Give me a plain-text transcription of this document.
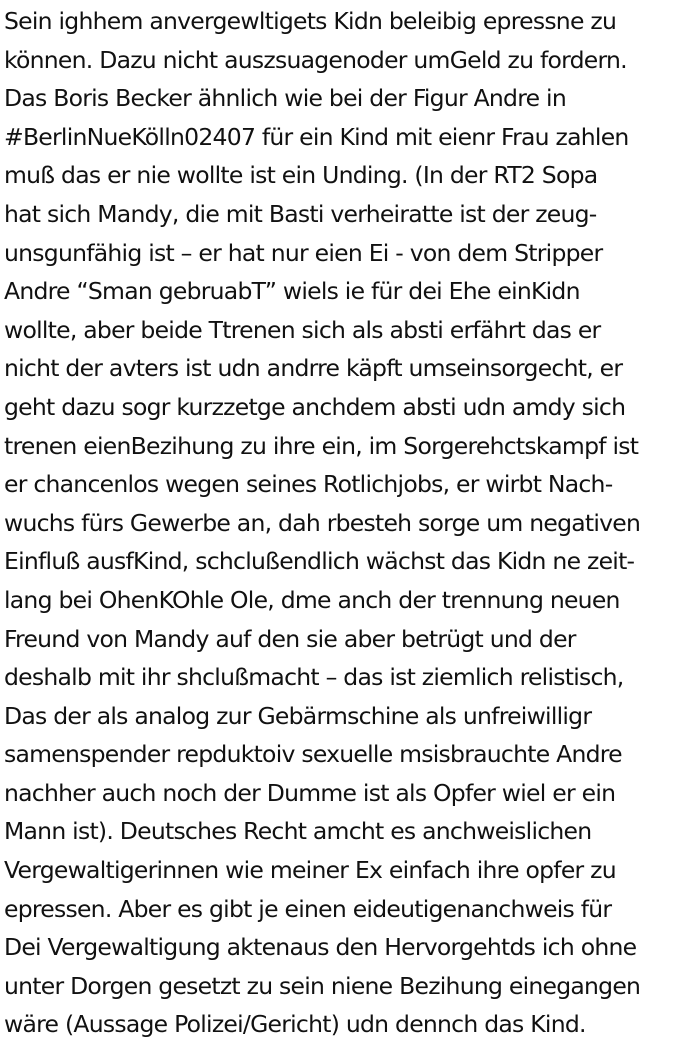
Sein ighhem anvergewltigets Kidn beleibig epressne zu
können. Dazu nicht auszsuagenoder umGeld zu fordern.
Das Boris Becker ähnlich wie bei der Figur Andre in
#BerlinNueKölln02407 für ein Kind mit eienr Frau zahlen
muß das er nie wollte ist ein Unding. (In der RT2 Sopa
hat sich Mandy, die mit Basti verheiratte ist der zeug-
unsgunfähig ist – er hat nur eien Ei - von dem Stripper
Andre “Sman gebruabT” wiels ie für dei Ehe einKidn
wollte, aber beide Ttrenen sich als absti erfährt das er
nicht der avters ist udn andrre käpft umseinsorgecht, er
geht dazu sogr kurzzetge anchdem absti udn amdy sich
trenen eienBezihung zu ihre ein, im Sorgerehctskampf ist
er chancenlos wegen seines Rotlichjobs, er wirbt Nach-
wuchs fürs Gewerbe an, dah rbesteh sorge um negativen
Einfluß ausfKind, schclußendlich wächst das Kidn ne zeit-
lang bei OhenKOhle Ole, dme anch der trennung neuen
Freund von Mandy auf den sie aber betrügt und der
deshalb mit ihr shclußmacht – das ist ziemlich relistisch,
Das der als analog zur Gebärmschine als unfreiwilligr
samenspender repduktoiv sexuelle msisbrauchte Andre
nachher auch noch der Dumme ist als Opfer wiel er ein
Mann ist). Deutsches Recht amcht es anchweislichen
Vergewaltigerinnen wie meiner Ex einfach ihre opfer zu
epressen. Aber es gibt je einen eideutigenanchweis für
Dei Vergewaltigung aktenaus den Hervorgehtds ich ohne
unter Dorgen gesetzt zu sein niene Bezihung einegangen
wäre (Aussage Polizei/Gericht) udn dennch das Kind.
